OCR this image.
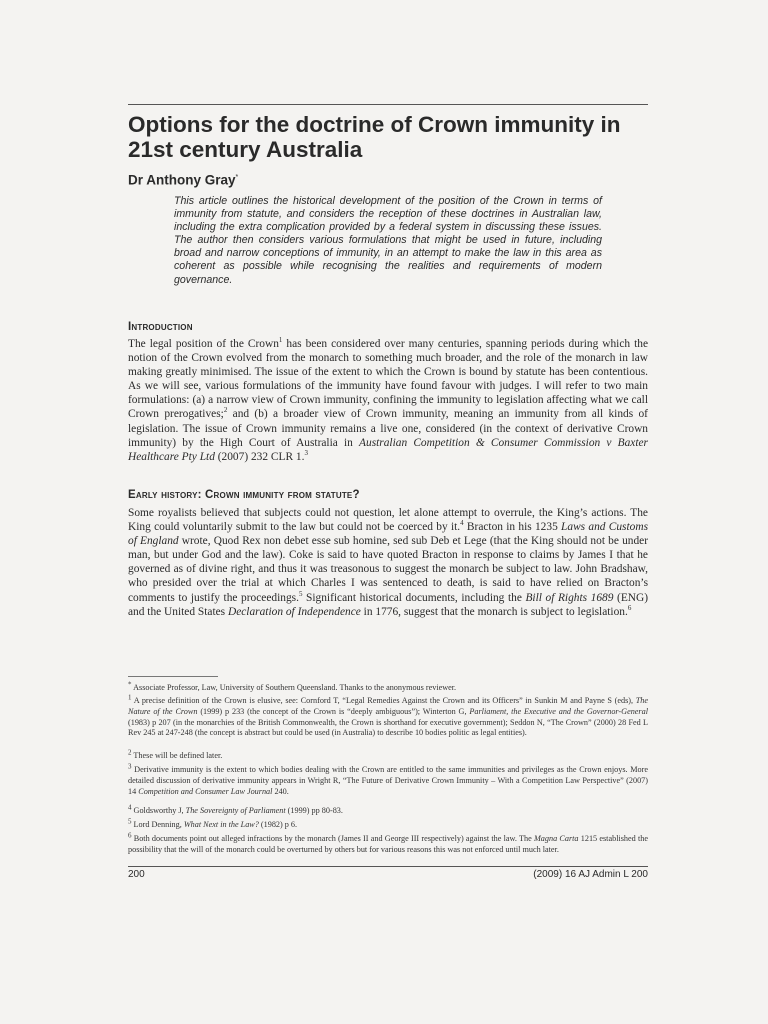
Options for the doctrine of Crown immunity in 21st century Australia

Dr Anthony Gray*

This article outlines the historical development of the position of the Crown in terms of immunity from statute, and considers the reception of these doctrines in Australian law, including the extra complication provided by a federal system in discussing these issues. The author then considers various formulations that might be used in future, including broad and narrow conceptions of immunity, in an attempt to make the law in this area as coherent as possible while recognising the realities and requirements of modern governance.

Introduction

The legal position of the Crown$^1$ has been considered over many centuries, spanning periods during which the notion of the Crown evolved from the monarch to something much broader, and the role of the monarch in law making greatly minimised. The issue of the extent to which the Crown is bound by statute has been contentious. As we will see, various formulations of the immunity have found favour with judges. I will refer to two main formulations: (a) a narrow view of Crown immunity, confining the immunity to legislation affecting what we call Crown prerogatives;$^2$ and (b) a broader view of Crown immunity, meaning an immunity from all kinds of legislation. The issue of Crown immunity remains a live one, considered (in the context of derivative Crown immunity) by the High Court of Australia in Australian Competition & Consumer Commission v Baxter Healthcare Pty Ltd (2007) 232 CLR 1.$^3$

Early history: Crown immunity from statute?

Some royalists believed that subjects could not question, let alone attempt to overrule, the King’s actions. The King could voluntarily submit to the law but could not be coerced by it.$^4$ Bracton in his 1235 Laws and Customs of England wrote, Quod Rex non debet esse sub homine, sed sub Deb et Lege (that the King should not be under man, but under God and the law). Coke is said to have quoted Bracton in response to claims by James I that he governed as of divine right, and thus it was treasonous to suggest the monarch be subject to law. John Bradshaw, who presided over the trial at which Charles I was sentenced to death, is said to have relied on Bracton’s comments to justify the proceedings.$^5$ Significant historical documents, including the Bill of Rights 1689 (ENG) and the United States Declaration of Independence in 1776, suggest that the monarch is subject to legislation.$^6$

* Associate Professor, Law, University of Southern Queensland. Thanks to the anonymous reviewer.

$^1$ A precise definition of the Crown is elusive, see: Cornford T, “Legal Remedies Against the Crown and its Officers” in Sunkin M and Payne S (eds), The Nature of the Crown (1999) p 233 (the concept of the Crown is “deeply ambiguous”); Winterton G, Parliament, the Executive and the Governor-General (1983) p 207 (in the monarchies of the British Commonwealth, the Crown is shorthand for executive government); Seddon N, “The Crown” (2000) 28 Fed L Rev 245 at 247-248 (the concept is abstract but could be used (in Australia) to describe 10 bodies politic as legal entities).

$^2$ These will be defined later.

$^3$ Derivative immunity is the extent to which bodies dealing with the Crown are entitled to the same immunities and privileges as the Crown enjoys. More detailed discussion of derivative immunity appears in Wright R, “The Future of Derivative Crown Immunity – With a Competition Law Perspective” (2007) 14 Competition and Consumer Law Journal 240.

$^4$ Goldsworthy J, The Sovereignty of Parliament (1999) pp 80-83.

$^5$ Lord Denning, What Next in the Law? (1982) p 6.

$^6$ Both documents point out alleged infractions by the monarch (James II and George III respectively) against the law. The Magna Carta 1215 established the possibility that the will of the monarch could be overturned by others but for various reasons this was not enforced until much later.

200	(2009) 16 AJ Admin L 200
